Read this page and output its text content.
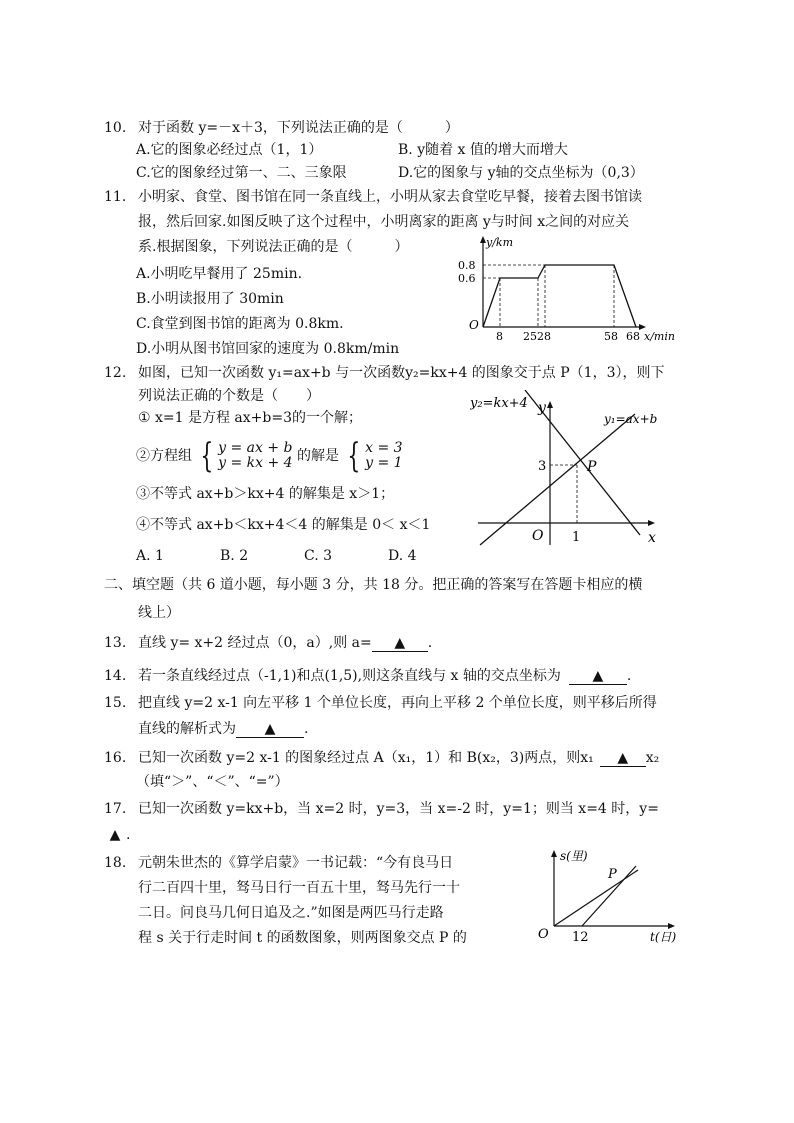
10. 对于函数 y=－x＋3，下列说法正确的是（　　　）
A.它的图象必经过点（1，1）	B. y随着 x 值的增大而增大
C.它的图象经过第一、二、三象限	D.它的图象与 y轴的交点坐标为（0,3）
11. 小明家、食堂、图书馆在同一条直线上，小明从家去食堂吃早餐，接着去图书馆读
报，然后回家.如图反映了这个过程中，小明离家的距离 y与时间 x之间的对应关
系.根据图象，下列说法正确的是（　　　）
A.小明吃早餐用了 25min.
B.小明读报用了 30min
C.食堂到图书馆的距离为 0.8km.
D.小明从图书馆回家的速度为 0.8km/min
y/km
x/min
O
0.8
0.6
8 25 28	58 68
12. 如图，已知一次函数 y₁=ax+b 与一次函数y₂=kx+4 的图象交于点 P（1，3），则下
列说法正确的个数是（　　）
① x=1 是方程 ax+b=3的一个解；
②方程组 { y = ax + b
y = kx + 4 的解是 { x = 3
y = 1
③不等式 ax+b＞kx+4 的解集是 x＞1；
④不等式 ax+b＜kx+4＜4 的解集是 0＜ x＜1
A. 1	B. 2	C. 3	D. 4
y₂=kx+4
y₁=ax+b
y
x
O
P
3
1
二、填空题（共 6 道小题，每小题 3 分，共 18 分。把正确的答案写在答题卡相应的横
线上）
13. 直线 y= x+2 经过点（0，a）,则 a= ▲ .
14. 若一条直线经过点（-1,1)和点(1,5),则这条直线与 x 轴的交点坐标为 ▲ .
15. 把直线 y=2 x-1 向左平移 1 个单位长度，再向上平移 2 个单位长度，则平移后所得
直线的解析式为 ▲ .
16. 已知一次函数 y=2 x-1 的图象经过点 A（x₁，1）和 B(x₂，3)两点，则x₁ ▲ x₂
（填“＞”、“＜”、“=”）
17. 已知一次函数 y=kx+b，当 x=2 时，y=3，当 x=-2 时，y=1；则当 x=4 时，y=
▲ .
18. 元朝朱世杰的《算学启蒙》一书记载：“今有良马日
行二百四十里，驽马日行一百五十里，驽马先行一十
二日。问良马几何日追及之.”如图是两匹马行走路
程 s 关于行走时间 t 的函数图象，则两图象交点 P 的
s(里)
t(日)
O
P
12
